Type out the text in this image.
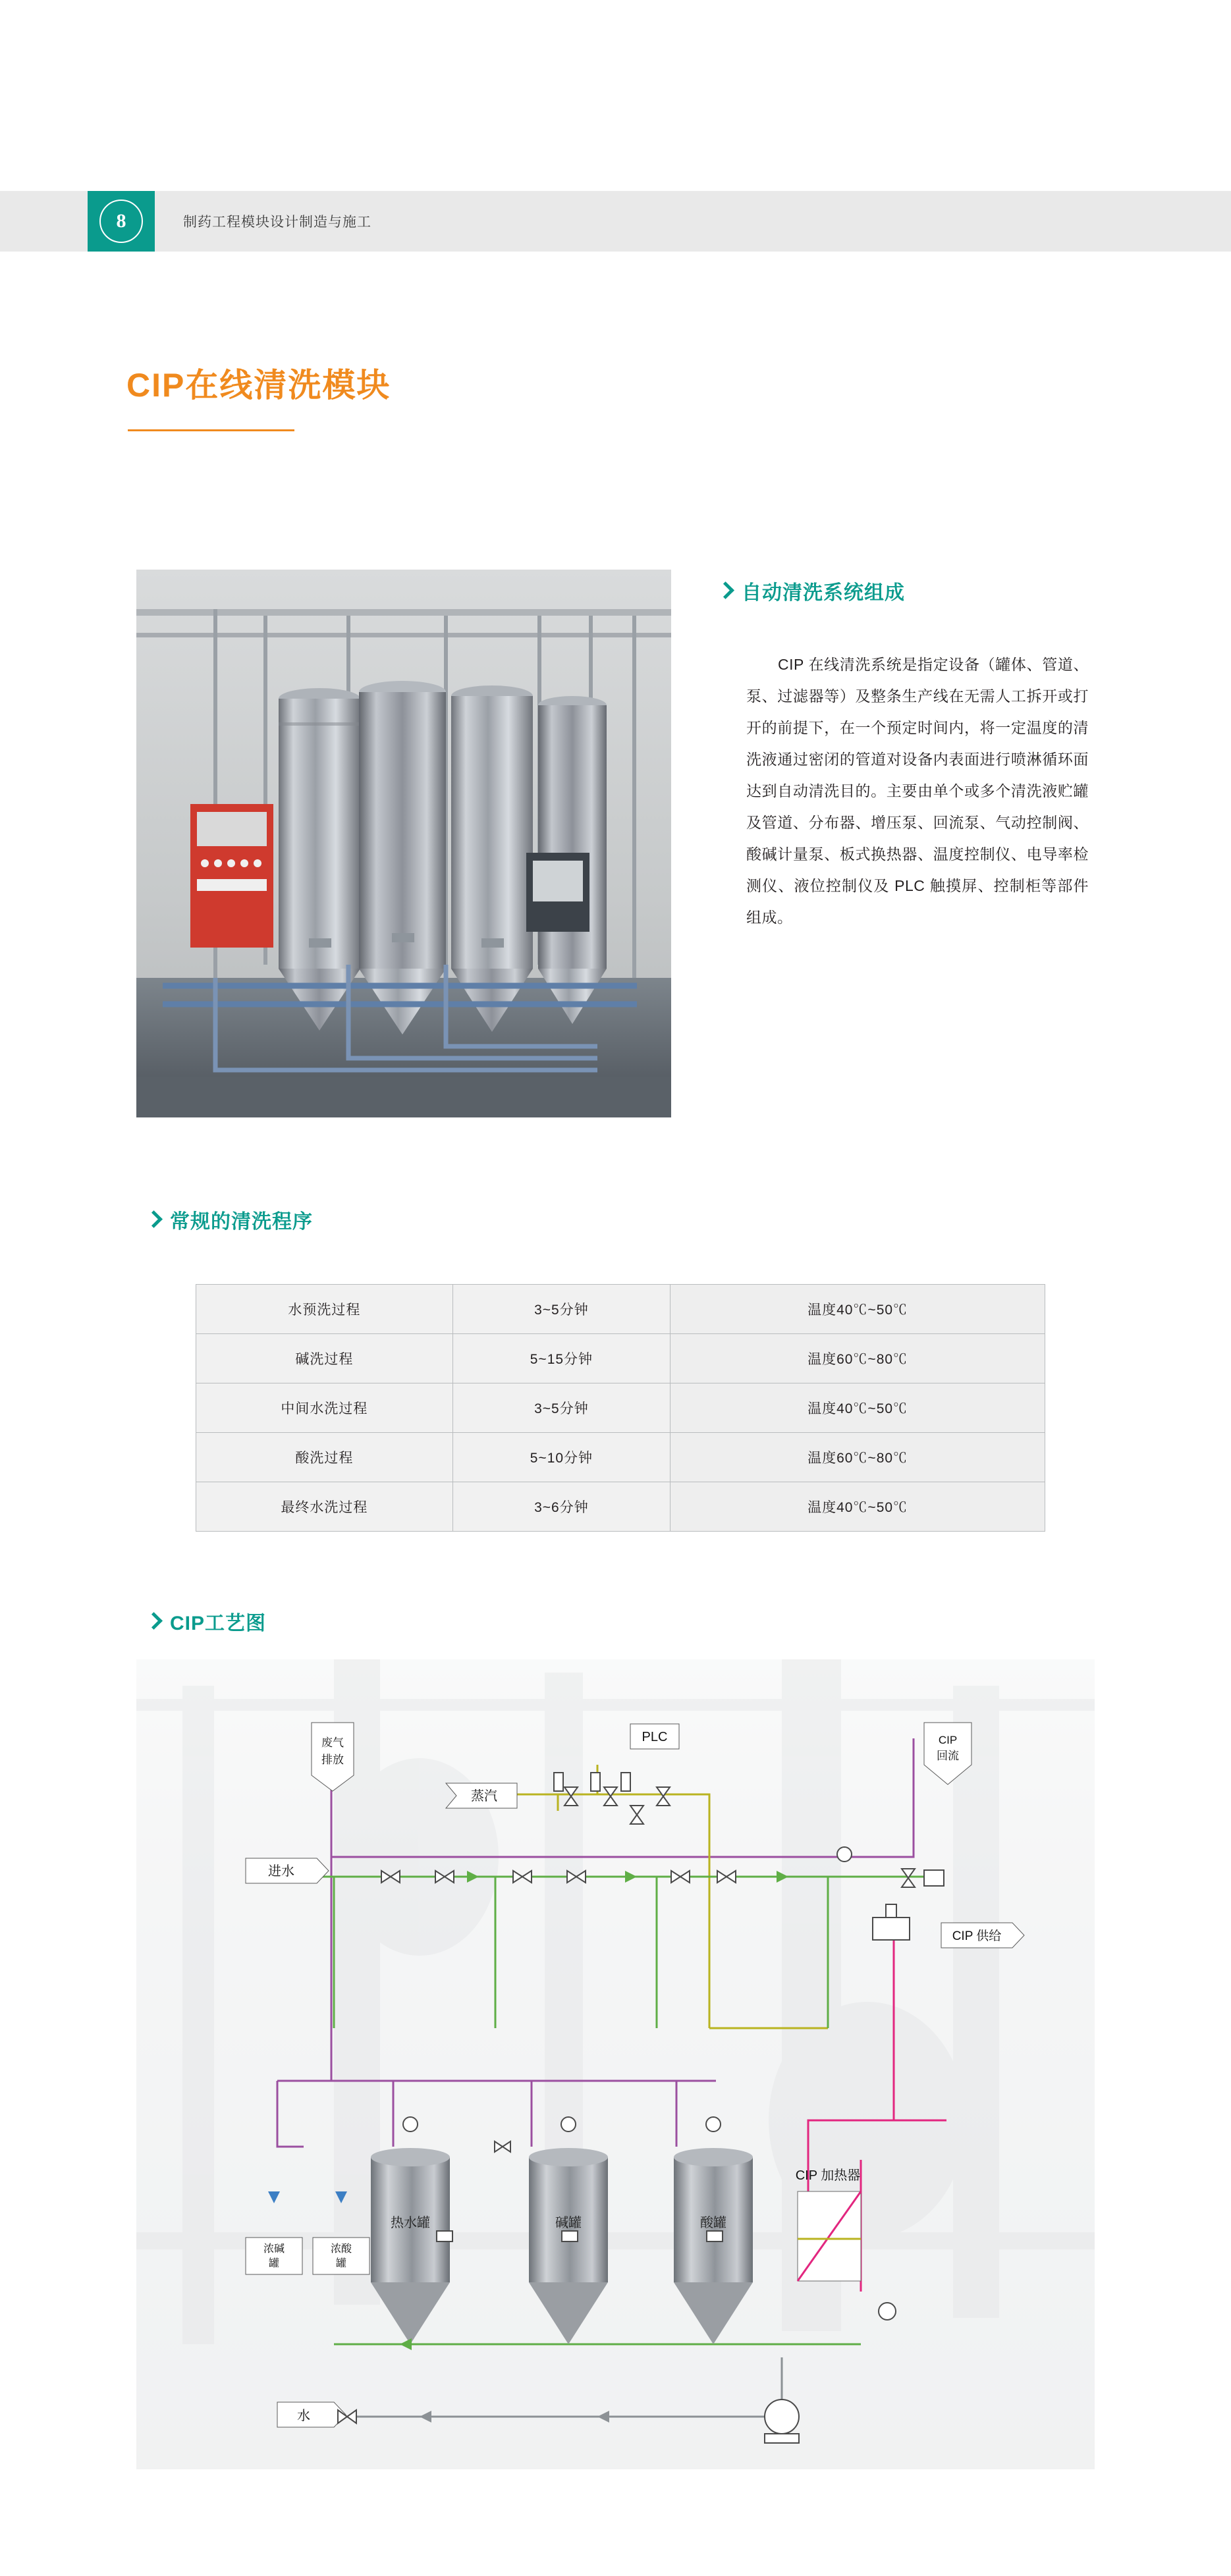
8	制药工程模块设计制造与施工
CIP在线清洗模块
自动清洗系统组成
CIP 在线清洗系统是指定设备（罐体、管道、泵、过滤器等）及整条生产线在无需人工拆开或打开的前提下，在一个预定时间内，将一定温度的清洗液通过密闭的管道对设备内表面进行喷淋循环面达到自动清洗目的。主要由单个或多个清洗液贮罐及管道、分布器、增压泵、回流泵、气动控制阀、酸碱计量泵、板式换热器、温度控制仪、电导率检测仪、液位控制仪及 PLC 触摸屏、控制柜等部件组成。
常规的清洗程序
水预洗过程	3~5分钟	温度40℃~50℃
碱洗过程	5~15分钟	温度60℃~80℃
中间水洗过程	3~5分钟	温度40℃~50℃
酸洗过程	5~10分钟	温度60℃~80℃
最终水洗过程	3~6分钟	温度40℃~50℃
CIP工艺图
热水罐	碱罐	酸罐
PLC
蒸汽
进水
废气
排放
CIP
回流
CIP 供给
浓碱
罐
浓酸
罐
水
CIP 加热器
